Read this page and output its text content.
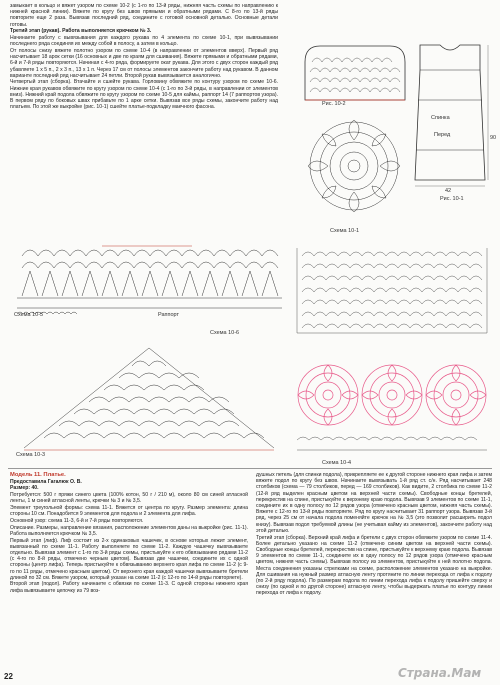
замыкает в кольцо и вяжет узором по схеме 10-2 (с 1-го по 13-й ряды, нижняя часть схемы по направлению к нижней красной линии). Вяжете по кругу без швов прямыми и обратными рядами. С 8-го по 13-й ряды повторите еще 2 раза. Вывязав последний ряд, соедините с готовой основной деталью. Основные детали готовы.

Третий этап (рукав). Работа выполняется крючком № 3.

Начинаете работу с вывязывания для каждого рукава по 4 элемента по схеме 10-1, при вывязывании последнего ряда соединяя их между собой в полосу, а затем в кольцо.

От полосы снизу вяжете полотно узором по схеме 10-4 (в направлении от элементов вверх). Первый ряд насчитывает 18 арок сетки (16 основных и две по краям для сшивания). Вяжете прямыми и обратными рядами, 6-й и 7-й ряды повторяются. Начиная с 4-го ряда, формируете окат рукава. Для этого с двух сторон каждый ряд убавляете 1 x 5 п., 2 x 3 п., 13 x 1 п. Через 17 см от полосы элементов закончите работу над рукавом. В данном варианте последний ряд насчитывает 24 петли. Второй рукав вывязывается аналогично.

Четвертый этап (сборка). Втачайте и сшейте рукава. Горловину обвяжите по контуру узором по схеме 10-6. Нижние края рукавов обвяжите по кругу узором по схеме 10-4 (с 1-го по 3-й ряды, в направлении от элементов вниз). Нижний край подола обвяжите по кругу узором по схеме 10-5 для каймы, раппорт 14 (7 раппортов узора). В первом ряду по боковых швах прибавьте по 1 арке сетки. Вывязав все ряды схемы, закончите работу над платьем. По этой же выкройке (рис. 10-1) сшейте платье-подкладку маечного фасона.

Рис. 10-2
Спинка
Перед	90
42
Рис. 10-1
Схема 10-1
Схема 10-5	Раппорт
Схема 10-6
Схема 10-3
Схема 10-4

Модель 11. Платье.

Предоставила Гагалюк О. В.

Размер: 40.

Потребуется: 500 г пряжи синего цвета (100% котон, 50 г / 210 м), около 80 см синей атласной ленты, 1 м синей атласной ленты, крючки № 3 и № 3,5.

Элемент треугольной формы: схема 11-1. Вяжется от центра по кругу. Размер элемента: длина стороны 10 см. Понадобится 9 элементов для подола и 2 элемента для лифа.

Основной узор: схема 11-3, 6-й и 7-й ряды повторяются.

Описание. Размеры, направление вязания, расположение элементов даны на выкройке (рис. 11-1). Работа выполняется крючком № 3,5.

Первый этап (лиф). Лиф состоит из 2-х одинаковых чашечек, в основе которых лежит элемент, вывязанный по схеме 11-1. Работу выполняете по схеме 11-2. Каждую чашечку вывязываете отдельно. Вывязав элемент с 1-го по 3-й ряды схемы, пристыкуйте к его обвязыванию рядами 11-2 (с 4-го по 8-й ряды, отмечено черным цветом). Вывязав две чашечки, соедините их с одной стороны (центр лифа). Теперь пристыкуйте к обвязыванию верхнего края лифа по схеме 11-2 (с 9-го по 11 ряды, отмечено красным цветом). От верхнего края каждой чашечки вывязываете бретели длиной по 32 см. Вяжете узором, который указан на схеме 11-2 (с 12-го по 14-й ряды повторяете).

Второй этап (подол). Работу начинаете с обвязки по схеме 11-3. С одной стороны нижнего края лифа вывязываете цепочку из 79 воз-

душных петель (для спинки подола), прикрепляете ее к другой стороне нижнего края лифа и затем вяжете подол по кругу без швов. Начинаете вывязывать 1-й ряд ст. с/н. Ряд насчитывает 248 столбиков (схема — 79 столбиков, перед — 169 столбиков). Как видите, 2 столбика по схеме 11-2 (12-й ряд выделен красным цветом на верхней части схемы). Свободные концы бретелей, перекрестив на спине, пристыкуйте к верхнему краю подола. Вывязав 9 элементов по схеме 11-1, соедините их в одну полосу по 12 рядов узора (отмечено красным цветом, нижняя часть схемы). Вяжете с 12-го по 13-й ряды повторяете. Ряд по кругу насчитывает 31 раппорт узора. Вывязав 3-й ряд, через 25 см от начала подола поменяйте крючок на № 3,5 (это позволит расширить подол книзу). Вывязав подол требуемой длины (не учитывая кайму из элементов), закончите работу над этой деталью.

Третий этап (сборка). Верхний край лифа и бретели с двух сторон обвяжите узором по схеме 11-4. Более детально указано на схеме 11-2 (отмечено синим цветом на верхней части схемы). Свободные концы бретелей, перекрестив на спине, пристыкуйте к верхнему краю подола. Вывязав 9 элементов по схеме 11-1, соедините их в одну полосу по 12 рядов узора (отмечено красным цветом, нижняя часть схемы). Вывязав полосу из элементов, пристыкуйте к ней полотно подола. Места соединения указаны стрелками на схеме, расположение элементов указано на выкройке. Для сшивания на нужный размер атласную ленту протяните по линии перехода от лифа к подолу (по 2-й ряду подола). По размерам подола по линии перехода лифа к подолу пришейте сверху и снизу (по одной и по другой стороне) атласную ленту, чтобы выдержать платье по контуру линии перехода от лифа к подолу.

22	Страна.Мам
